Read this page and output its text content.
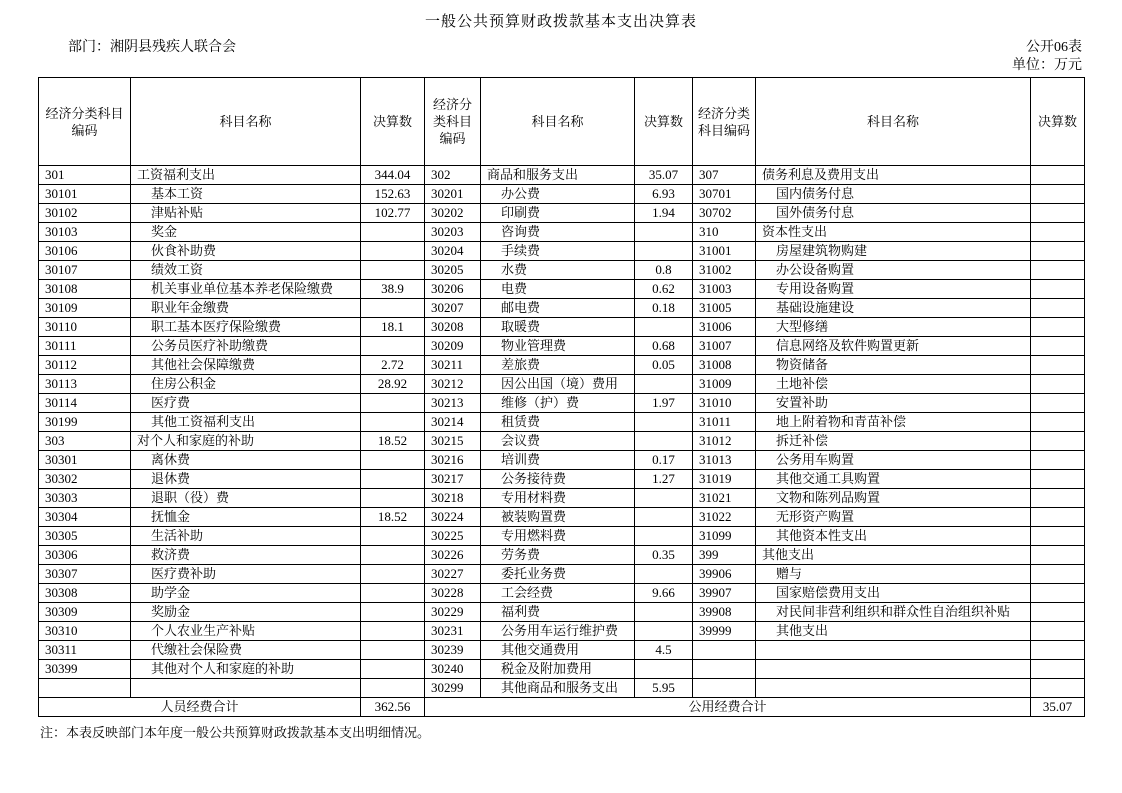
一般公共预算财政拨款基本支出决算表
部门：湘阴县残疾人联合会	公开06表
单位：万元
经济分类科目编码	科目名称	决算数	经济分类科目编码	科目名称	决算数	经济分类科目编码	科目名称	决算数
301	工资福利支出	344.04	302	商品和服务支出	35.07	307	债务利息及费用支出	
30101	基本工资	152.63	30201	办公费	6.93	30701	国内债务付息	
30102	津贴补贴	102.77	30202	印刷费	1.94	30702	国外债务付息	
30103	奖金		30203	咨询费		310	资本性支出	
30106	伙食补助费		30204	手续费		31001	房屋建筑物购建	
30107	绩效工资		30205	水费	0.8	31002	办公设备购置	
30108	机关事业单位基本养老保险缴费	38.9	30206	电费	0.62	31003	专用设备购置	
30109	职业年金缴费		30207	邮电费	0.18	31005	基础设施建设	
30110	职工基本医疗保险缴费	18.1	30208	取暖费		31006	大型修缮	
30111	公务员医疗补助缴费		30209	物业管理费	0.68	31007	信息网络及软件购置更新	
30112	其他社会保障缴费	2.72	30211	差旅费	0.05	31008	物资储备	
30113	住房公积金	28.92	30212	因公出国（境）费用		31009	土地补偿	
30114	医疗费		30213	维修（护）费	1.97	31010	安置补助	
30199	其他工资福利支出		30214	租赁费		31011	地上附着物和青苗补偿	
303	对个人和家庭的补助	18.52	30215	会议费		31012	拆迁补偿	
30301	离休费		30216	培训费	0.17	31013	公务用车购置	
30302	退休费		30217	公务接待费	1.27	31019	其他交通工具购置	
30303	退职（役）费		30218	专用材料费		31021	文物和陈列品购置	
30304	抚恤金	18.52	30224	被装购置费		31022	无形资产购置	
30305	生活补助		30225	专用燃料费		31099	其他资本性支出	
30306	救济费		30226	劳务费	0.35	399	其他支出	
30307	医疗费补助		30227	委托业务费		39906	赠与	
30308	助学金		30228	工会经费	9.66	39907	国家赔偿费用支出	
30309	奖励金		30229	福利费		39908	对民间非营利组织和群众性自治组织补贴	
30310	个人农业生产补贴		30231	公务用车运行维护费		39999	其他支出	
30311	代缴社会保险费		30239	其他交通费用	4.5			
30399	其他对个人和家庭的补助		30240	税金及附加费用				
			30299	其他商品和服务支出	5.95			
人员经费合计		362.56	公用经费合计					35.07
注：本表反映部门本年度一般公共预算财政拨款基本支出明细情况。
